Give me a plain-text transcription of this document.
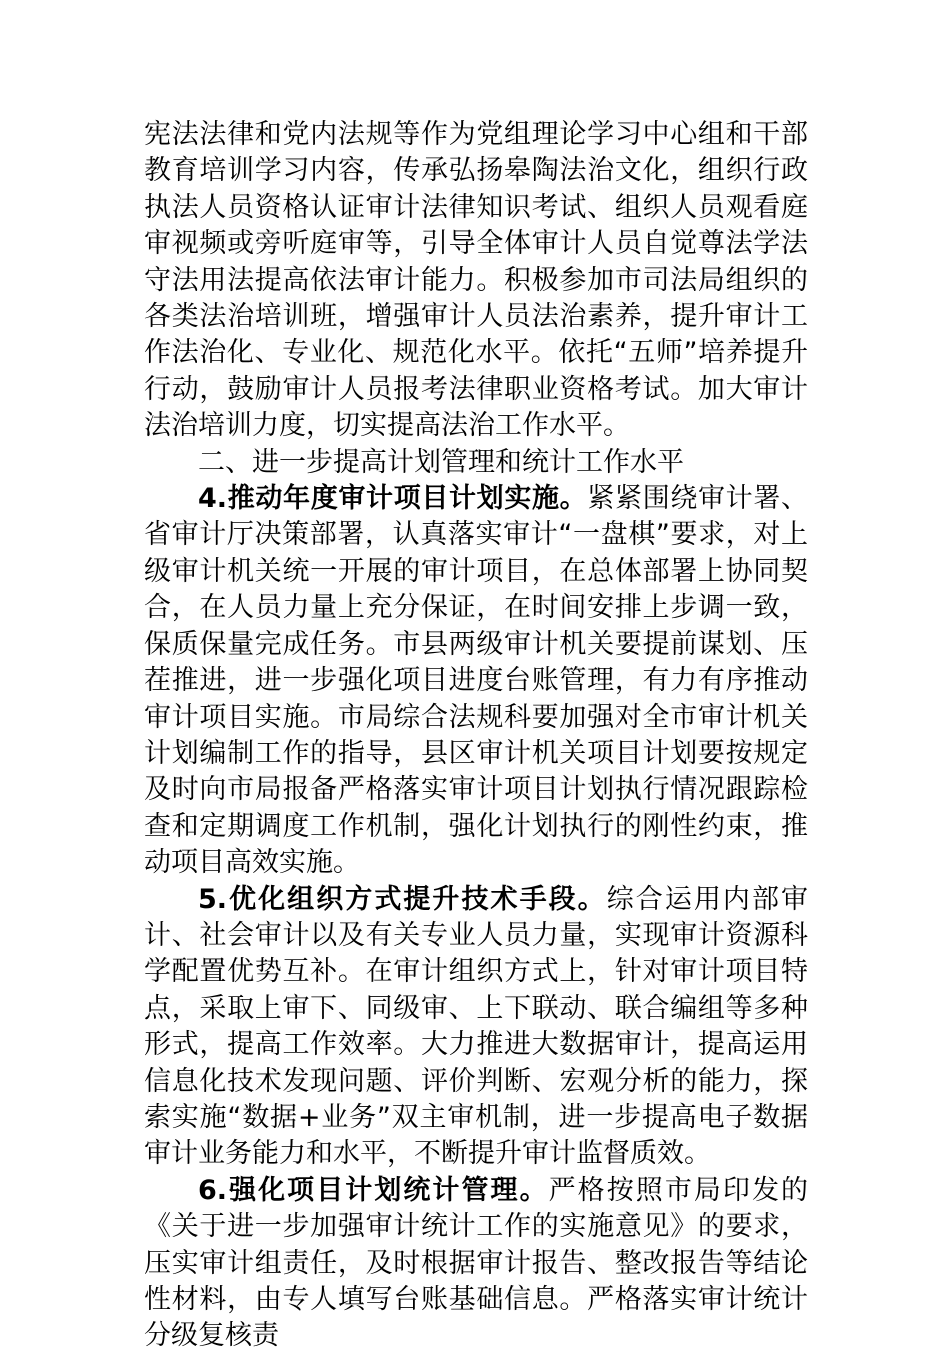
宪法法律和党内法规等作为党组理论学习中心组和干部教育培训学习内容，传承弘扬皋陶法治文化，组织行政执法人员资格认证审计法律知识考试、组织人员观看庭审视频或旁听庭审等，引导全体审计人员自觉尊法学法守法用法提高依法审计能力。积极参加市司法局组织的各类法治培训班，增强审计人员法治素养，提升审计工作法治化、专业化、规范化水平。依托“五师”培养提升行动，鼓励审计人员报考法律职业资格考试。加大审计法治培训力度，切实提高法治工作水平。

二、进一步提高计划管理和统计工作水平

4.推动年度审计项目计划实施。紧紧围绕审计署、省审计厅决策部署，认真落实审计“一盘棋”要求，对上级审计机关统一开展的审计项目，在总体部署上协同契合，在人员力量上充分保证，在时间安排上步调一致，保质保量完成任务。市县两级审计机关要提前谋划、压茬推进，进一步强化项目进度台账管理，有力有序推动审计项目实施。市局综合法规科要加强对全市审计机关计划编制工作的指导，县区审计机关项目计划要按规定及时向市局报备严格落实审计项目计划执行情况跟踪检查和定期调度工作机制，强化计划执行的刚性约束，推动项目高效实施。

5.优化组织方式提升技术手段。综合运用内部审计、社会审计以及有关专业人员力量，实现审计资源科学配置优势互补。在审计组织方式上，针对审计项目特点，采取上审下、同级审、上下联动、联合编组等多种形式，提高工作效率。大力推进大数据审计，提高运用信息化技术发现问题、评价判断、宏观分析的能力，探索实施“数据+业务”双主审机制，进一步提高电子数据审计业务能力和水平，不断提升审计监督质效。

6.强化项目计划统计管理。严格按照市局印发的《关于进一步加强审计统计工作的实施意见》的要求，压实审计组责任，及时根据审计报告、整改报告等结论性材料，由专人填写台账基础信息。严格落实审计统计分级复核责
